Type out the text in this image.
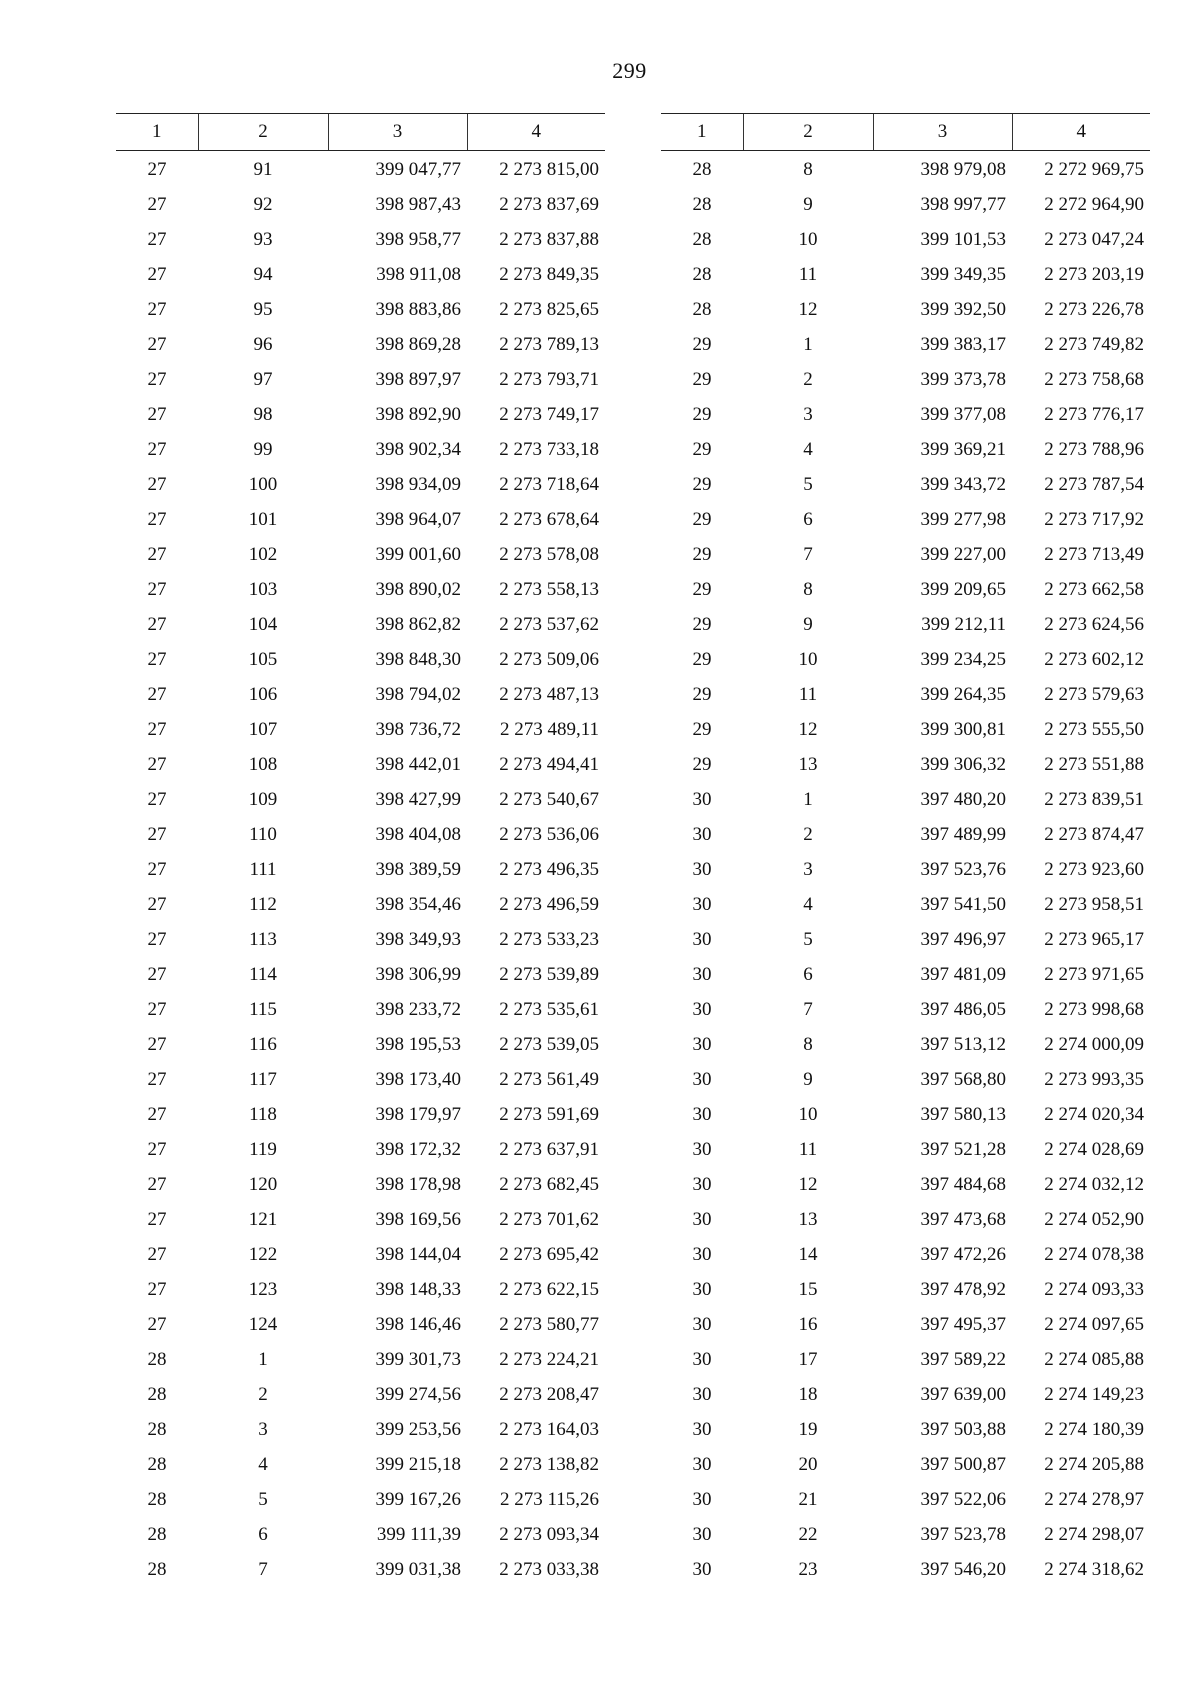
299
1	2	3	4
27	91	399 047,77	2 273 815,00
27	92	398 987,43	2 273 837,69
27	93	398 958,77	2 273 837,88
27	94	398 911,08	2 273 849,35
27	95	398 883,86	2 273 825,65
27	96	398 869,28	2 273 789,13
27	97	398 897,97	2 273 793,71
27	98	398 892,90	2 273 749,17
27	99	398 902,34	2 273 733,18
27	100	398 934,09	2 273 718,64
27	101	398 964,07	2 273 678,64
27	102	399 001,60	2 273 578,08
27	103	398 890,02	2 273 558,13
27	104	398 862,82	2 273 537,62
27	105	398 848,30	2 273 509,06
27	106	398 794,02	2 273 487,13
27	107	398 736,72	2 273 489,11
27	108	398 442,01	2 273 494,41
27	109	398 427,99	2 273 540,67
27	110	398 404,08	2 273 536,06
27	111	398 389,59	2 273 496,35
27	112	398 354,46	2 273 496,59
27	113	398 349,93	2 273 533,23
27	114	398 306,99	2 273 539,89
27	115	398 233,72	2 273 535,61
27	116	398 195,53	2 273 539,05
27	117	398 173,40	2 273 561,49
27	118	398 179,97	2 273 591,69
27	119	398 172,32	2 273 637,91
27	120	398 178,98	2 273 682,45
27	121	398 169,56	2 273 701,62
27	122	398 144,04	2 273 695,42
27	123	398 148,33	2 273 622,15
27	124	398 146,46	2 273 580,77
28	1	399 301,73	2 273 224,21
28	2	399 274,56	2 273 208,47
28	3	399 253,56	2 273 164,03
28	4	399 215,18	2 273 138,82
28	5	399 167,26	2 273 115,26
28	6	399 111,39	2 273 093,34
28	7	399 031,38	2 273 033,38
1	2	3	4
28	8	398 979,08	2 272 969,75
28	9	398 997,77	2 272 964,90
28	10	399 101,53	2 273 047,24
28	11	399 349,35	2 273 203,19
28	12	399 392,50	2 273 226,78
29	1	399 383,17	2 273 749,82
29	2	399 373,78	2 273 758,68
29	3	399 377,08	2 273 776,17
29	4	399 369,21	2 273 788,96
29	5	399 343,72	2 273 787,54
29	6	399 277,98	2 273 717,92
29	7	399 227,00	2 273 713,49
29	8	399 209,65	2 273 662,58
29	9	399 212,11	2 273 624,56
29	10	399 234,25	2 273 602,12
29	11	399 264,35	2 273 579,63
29	12	399 300,81	2 273 555,50
29	13	399 306,32	2 273 551,88
30	1	397 480,20	2 273 839,51
30	2	397 489,99	2 273 874,47
30	3	397 523,76	2 273 923,60
30	4	397 541,50	2 273 958,51
30	5	397 496,97	2 273 965,17
30	6	397 481,09	2 273 971,65
30	7	397 486,05	2 273 998,68
30	8	397 513,12	2 274 000,09
30	9	397 568,80	2 273 993,35
30	10	397 580,13	2 274 020,34
30	11	397 521,28	2 274 028,69
30	12	397 484,68	2 274 032,12
30	13	397 473,68	2 274 052,90
30	14	397 472,26	2 274 078,38
30	15	397 478,92	2 274 093,33
30	16	397 495,37	2 274 097,65
30	17	397 589,22	2 274 085,88
30	18	397 639,00	2 274 149,23
30	19	397 503,88	2 274 180,39
30	20	397 500,87	2 274 205,88
30	21	397 522,06	2 274 278,97
30	22	397 523,78	2 274 298,07
30	23	397 546,20	2 274 318,62
